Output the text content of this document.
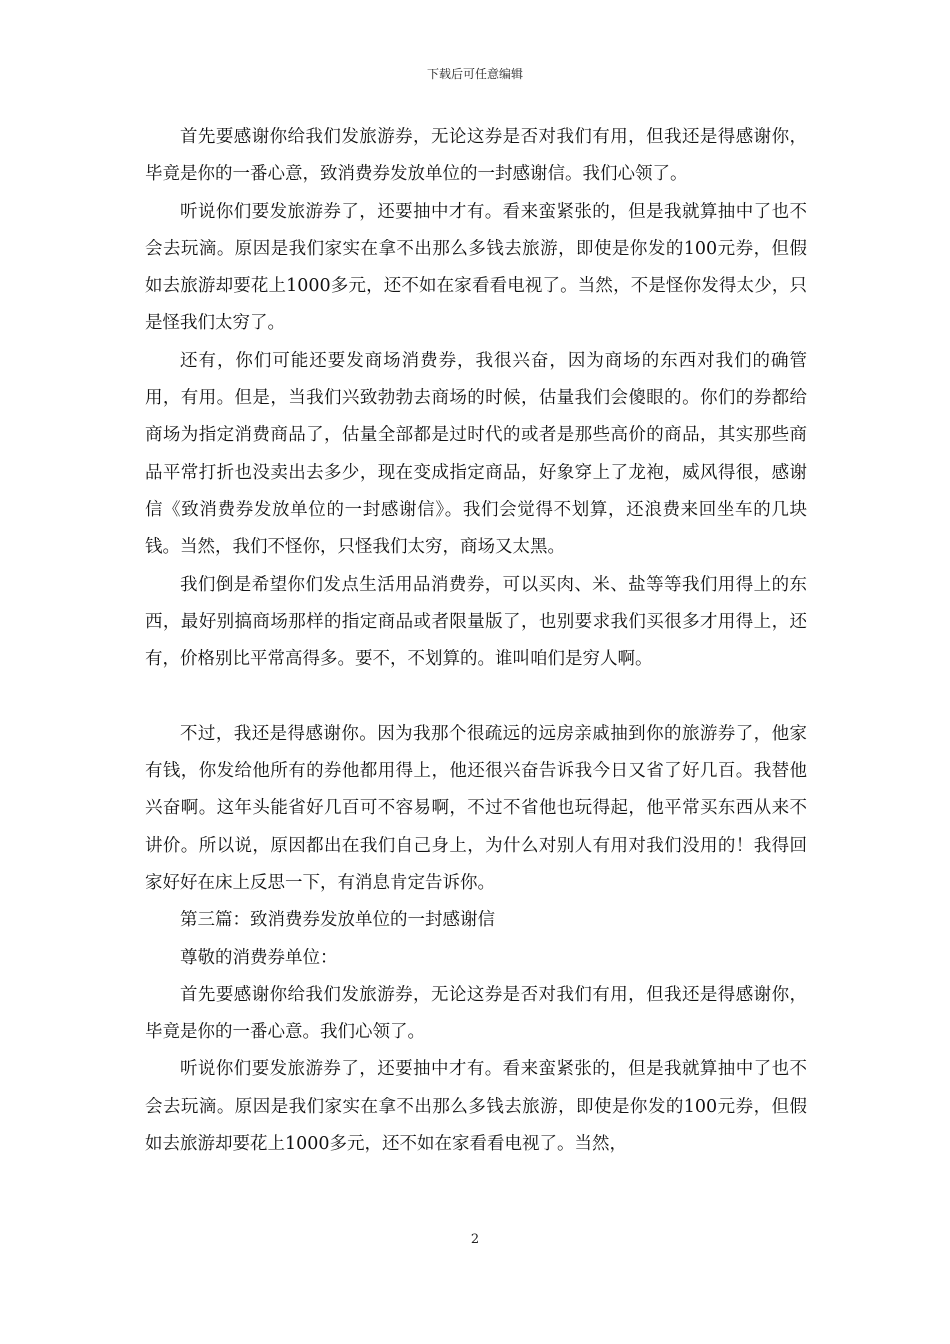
下载后可任意编辑

首先要感谢你给我们发旅游券，无论这券是否对我们有用，但我还是得感谢你，毕竟是你的一番心意，致消费券发放单位的一封感谢信。我们心领了。

听说你们要发旅游券了，还要抽中才有。看来蛮紧张的，但是我就算抽中了也不会去玩滴。原因是我们家实在拿不出那么多钱去旅游，即使是你发的100元券，但假如去旅游却要花上1000多元，还不如在家看看电视了。当然，不是怪你发得太少，只是怪我们太穷了。

还有，你们可能还要发商场消费券，我很兴奋，因为商场的东西对我们的确管用，有用。但是，当我们兴致勃勃去商场的时候，估量我们会傻眼的。你们的券都给商场为指定消费商品了，估量全部都是过时代的或者是那些高价的商品，其实那些商品平常打折也没卖出去多少，现在变成指定商品，好象穿上了龙袍，威风得很，感谢信《致消费券发放单位的一封感谢信》。我们会觉得不划算，还浪费来回坐车的几块钱。当然，我们不怪你，只怪我们太穷，商场又太黑。

我们倒是希望你们发点生活用品消费券，可以买肉、米、盐等等我们用得上的东西，最好别搞商场那样的指定商品或者限量版了，也别要求我们买很多才用得上，还有，价格别比平常高得多。要不，不划算的。谁叫咱们是穷人啊。

不过，我还是得感谢你。因为我那个很疏远的远房亲戚抽到你的旅游券了，他家有钱，你发给他所有的券他都用得上，他还很兴奋告诉我今日又省了好几百。我替他兴奋啊。这年头能省好几百可不容易啊，不过不省他也玩得起，他平常买东西从来不讲价。所以说，原因都出在我们自己身上，为什么对别人有用对我们没用的！我得回家好好在床上反思一下，有消息肯定告诉你。

第三篇：致消费券发放单位的一封感谢信

尊敬的消费券单位：

首先要感谢你给我们发旅游券，无论这券是否对我们有用，但我还是得感谢你，毕竟是你的一番心意。我们心领了。

听说你们要发旅游券了，还要抽中才有。看来蛮紧张的，但是我就算抽中了也不会去玩滴。原因是我们家实在拿不出那么多钱去旅游，即使是你发的100元券，但假如去旅游却要花上1000多元，还不如在家看看电视了。当然，

2
